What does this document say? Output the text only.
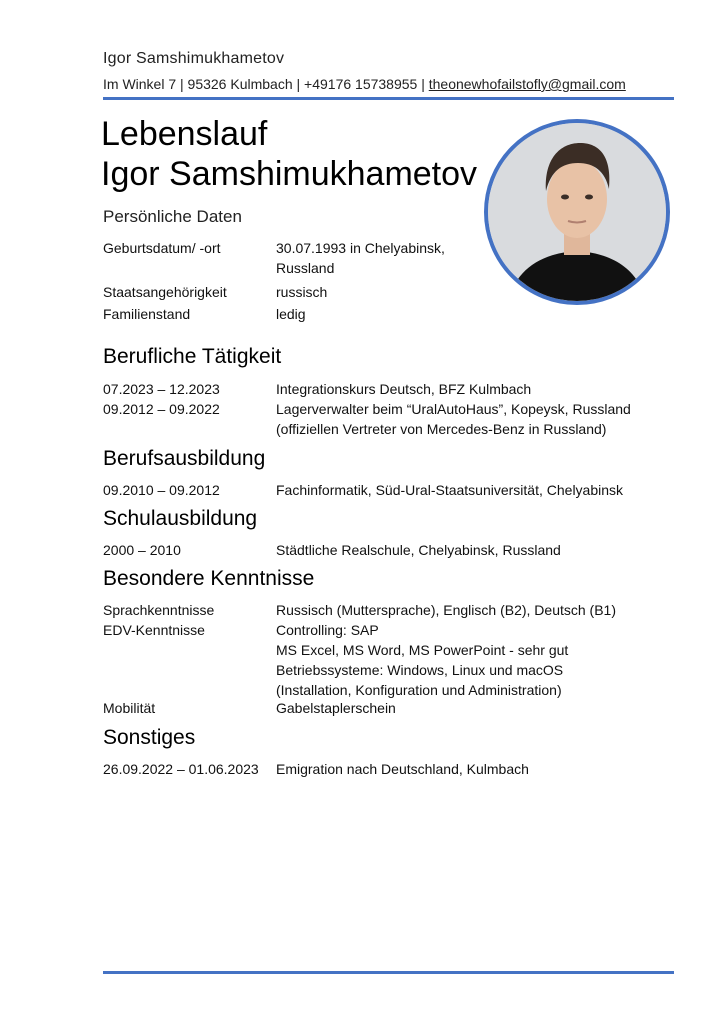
Igor Samshimukhametov
Im Winkel 7 | 95326 Kulmbach | +49176 15738955 | theonewhofailstofly@gmail.com
Lebenslauf
Igor Samshimukhametov
Persönliche Daten
Geburtsdatum/ -ort	30.07.1993 in Chelyabinsk,
Russland
Staatsangehörigkeit	russisch
Familienstand	ledig
Berufliche Tätigkeit
07.2023 – 12.2023	Integrationskurs Deutsch, BFZ Kulmbach
09.2012 – 09.2022	Lagerverwalter beim “UralAutoHaus”, Kopeysk, Russland
(offiziellen Vertreter von Mercedes-Benz in Russland)
Berufsausbildung
09.2010 – 09.2012	Fachinformatik, Süd-Ural-Staatsuniversität, Chelyabinsk
Schulausbildung
2000 – 2010	Städtliche Realschule, Chelyabinsk, Russland
Besondere Kenntnisse
Sprachkenntnisse	Russisch (Muttersprache), Englisch (B2), Deutsch (B1)
EDV-Kenntnisse	Controlling: SAP
MS Excel, MS Word, MS PowerPoint - sehr gut
Betriebssysteme: Windows, Linux und macOS
(Installation, Konfiguration und Administration)
Mobilität	Gabelstaplerschein
Sonstiges
26.09.2022 – 01.06.2023	Emigration nach Deutschland, Kulmbach
